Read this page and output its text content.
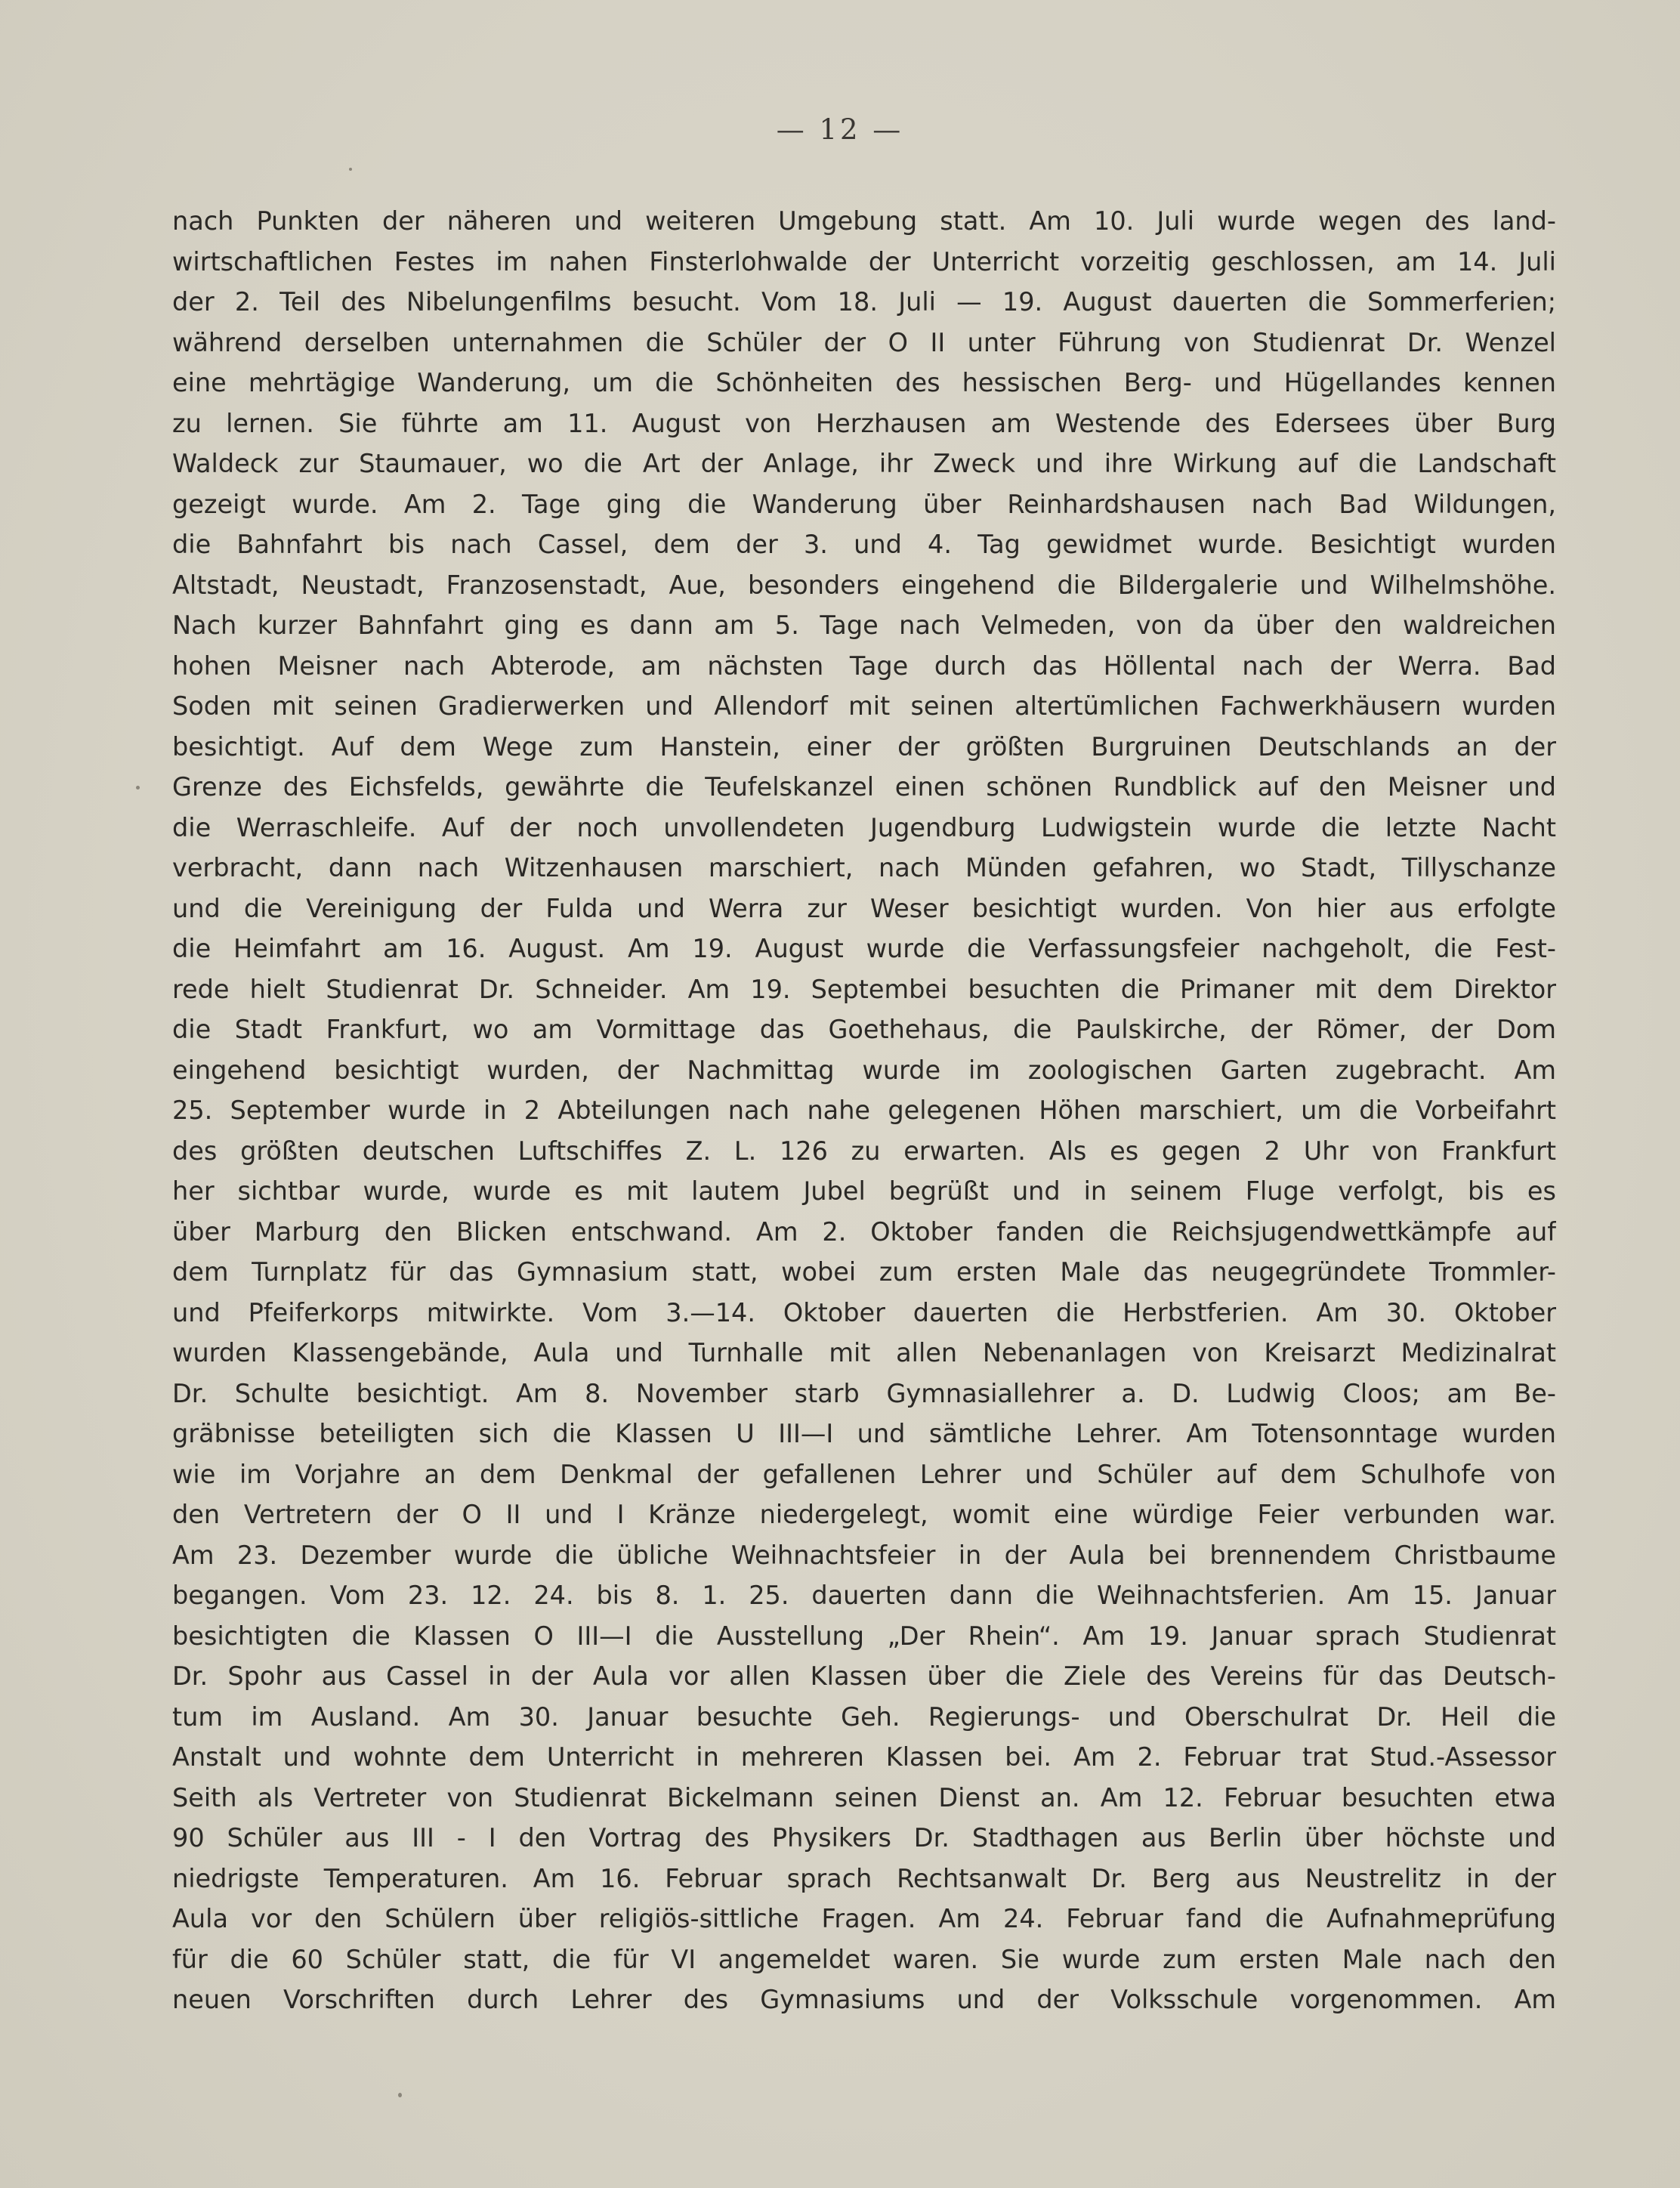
— 12 —
nach Punkten der näheren und weiteren Umgebung statt. Am 10. Juli wurde wegen des land-
wirtschaftlichen Festes im nahen Finsterlohwalde der Unterricht vorzeitig geschlossen, am 14. Juli
der 2. Teil des Nibelungenfilms besucht. Vom 18. Juli — 19. August dauerten die Sommerferien;
während derselben unternahmen die Schüler der O II unter Führung von Studienrat Dr. Wenzel
eine mehrtägige Wanderung, um die Schönheiten des hessischen Berg- und Hügellandes kennen
zu lernen. Sie führte am 11. August von Herzhausen am Westende des Edersees über Burg
Waldeck zur Staumauer, wo die Art der Anlage, ihr Zweck und ihre Wirkung auf die Landschaft
gezeigt wurde. Am 2. Tage ging die Wanderung über Reinhardshausen nach Bad Wildungen,
die Bahnfahrt bis nach Cassel, dem der 3. und 4. Tag gewidmet wurde. Besichtigt wurden
Altstadt, Neustadt, Franzosenstadt, Aue, besonders eingehend die Bildergalerie und Wilhelmshöhe.
Nach kurzer Bahnfahrt ging es dann am 5. Tage nach Velmeden, von da über den waldreichen
hohen Meisner nach Abterode, am nächsten Tage durch das Höllental nach der Werra. Bad
Soden mit seinen Gradierwerken und Allendorf mit seinen altertümlichen Fachwerkhäusern wurden
besichtigt. Auf dem Wege zum Hanstein, einer der größten Burgruinen Deutschlands an der
Grenze des Eichsfelds, gewährte die Teufelskanzel einen schönen Rundblick auf den Meisner und
die Werraschleife. Auf der noch unvollendeten Jugendburg Ludwigstein wurde die letzte Nacht
verbracht, dann nach Witzenhausen marschiert, nach Münden gefahren, wo Stadt, Tillyschanze
und die Vereinigung der Fulda und Werra zur Weser besichtigt wurden. Von hier aus erfolgte
die Heimfahrt am 16. August. Am 19. August wurde die Verfassungsfeier nachgeholt, die Fest-
rede hielt Studienrat Dr. Schneider. Am 19. Septembei besuchten die Primaner mit dem Direktor
die Stadt Frankfurt, wo am Vormittage das Goethehaus, die Paulskirche, der Römer, der Dom
eingehend besichtigt wurden, der Nachmittag wurde im zoologischen Garten zugebracht. Am
25. September wurde in 2 Abteilungen nach nahe gelegenen Höhen marschiert, um die Vorbeifahrt
des größten deutschen Luftschiffes Z. L. 126 zu erwarten. Als es gegen 2 Uhr von Frankfurt
her sichtbar wurde, wurde es mit lautem Jubel begrüßt und in seinem Fluge verfolgt, bis es
über Marburg den Blicken entschwand. Am 2. Oktober fanden die Reichsjugendwettkämpfe auf
dem Turnplatz für das Gymnasium statt, wobei zum ersten Male das neugegründete Trommler-
und Pfeiferkorps mitwirkte. Vom 3.—14. Oktober dauerten die Herbstferien. Am 30. Oktober
wurden Klassengebände, Aula und Turnhalle mit allen Nebenanlagen von Kreisarzt Medizinalrat
Dr. Schulte besichtigt. Am 8. November starb Gymnasiallehrer a. D. Ludwig Cloos; am Be-
gräbnisse beteiligten sich die Klassen U III—I und sämtliche Lehrer. Am Totensonntage wurden
wie im Vorjahre an dem Denkmal der gefallenen Lehrer und Schüler auf dem Schulhofe von
den Vertretern der O II und I Kränze niedergelegt, womit eine würdige Feier verbunden war.
Am 23. Dezember wurde die übliche Weihnachtsfeier in der Aula bei brennendem Christbaume
begangen. Vom 23. 12. 24. bis 8. 1. 25. dauerten dann die Weihnachtsferien. Am 15. Januar
besichtigten die Klassen O III—I die Ausstellung „Der Rhein“. Am 19. Januar sprach Studienrat
Dr. Spohr aus Cassel in der Aula vor allen Klassen über die Ziele des Vereins für das Deutsch-
tum im Ausland. Am 30. Januar besuchte Geh. Regierungs- und Oberschulrat Dr. Heil die
Anstalt und wohnte dem Unterricht in mehreren Klassen bei. Am 2. Februar trat Stud.-Assessor
Seith als Vertreter von Studienrat Bickelmann seinen Dienst an. Am 12. Februar besuchten etwa
90 Schüler aus III - I den Vortrag des Physikers Dr. Stadthagen aus Berlin über höchste und
niedrigste Temperaturen. Am 16. Februar sprach Rechtsanwalt Dr. Berg aus Neustrelitz in der
Aula vor den Schülern über religiös-sittliche Fragen. Am 24. Februar fand die Aufnahmeprüfung
für die 60 Schüler statt, die für VI angemeldet waren. Sie wurde zum ersten Male nach den
neuen Vorschriften durch Lehrer des Gymnasiums und der Volksschule vorgenommen. Am
